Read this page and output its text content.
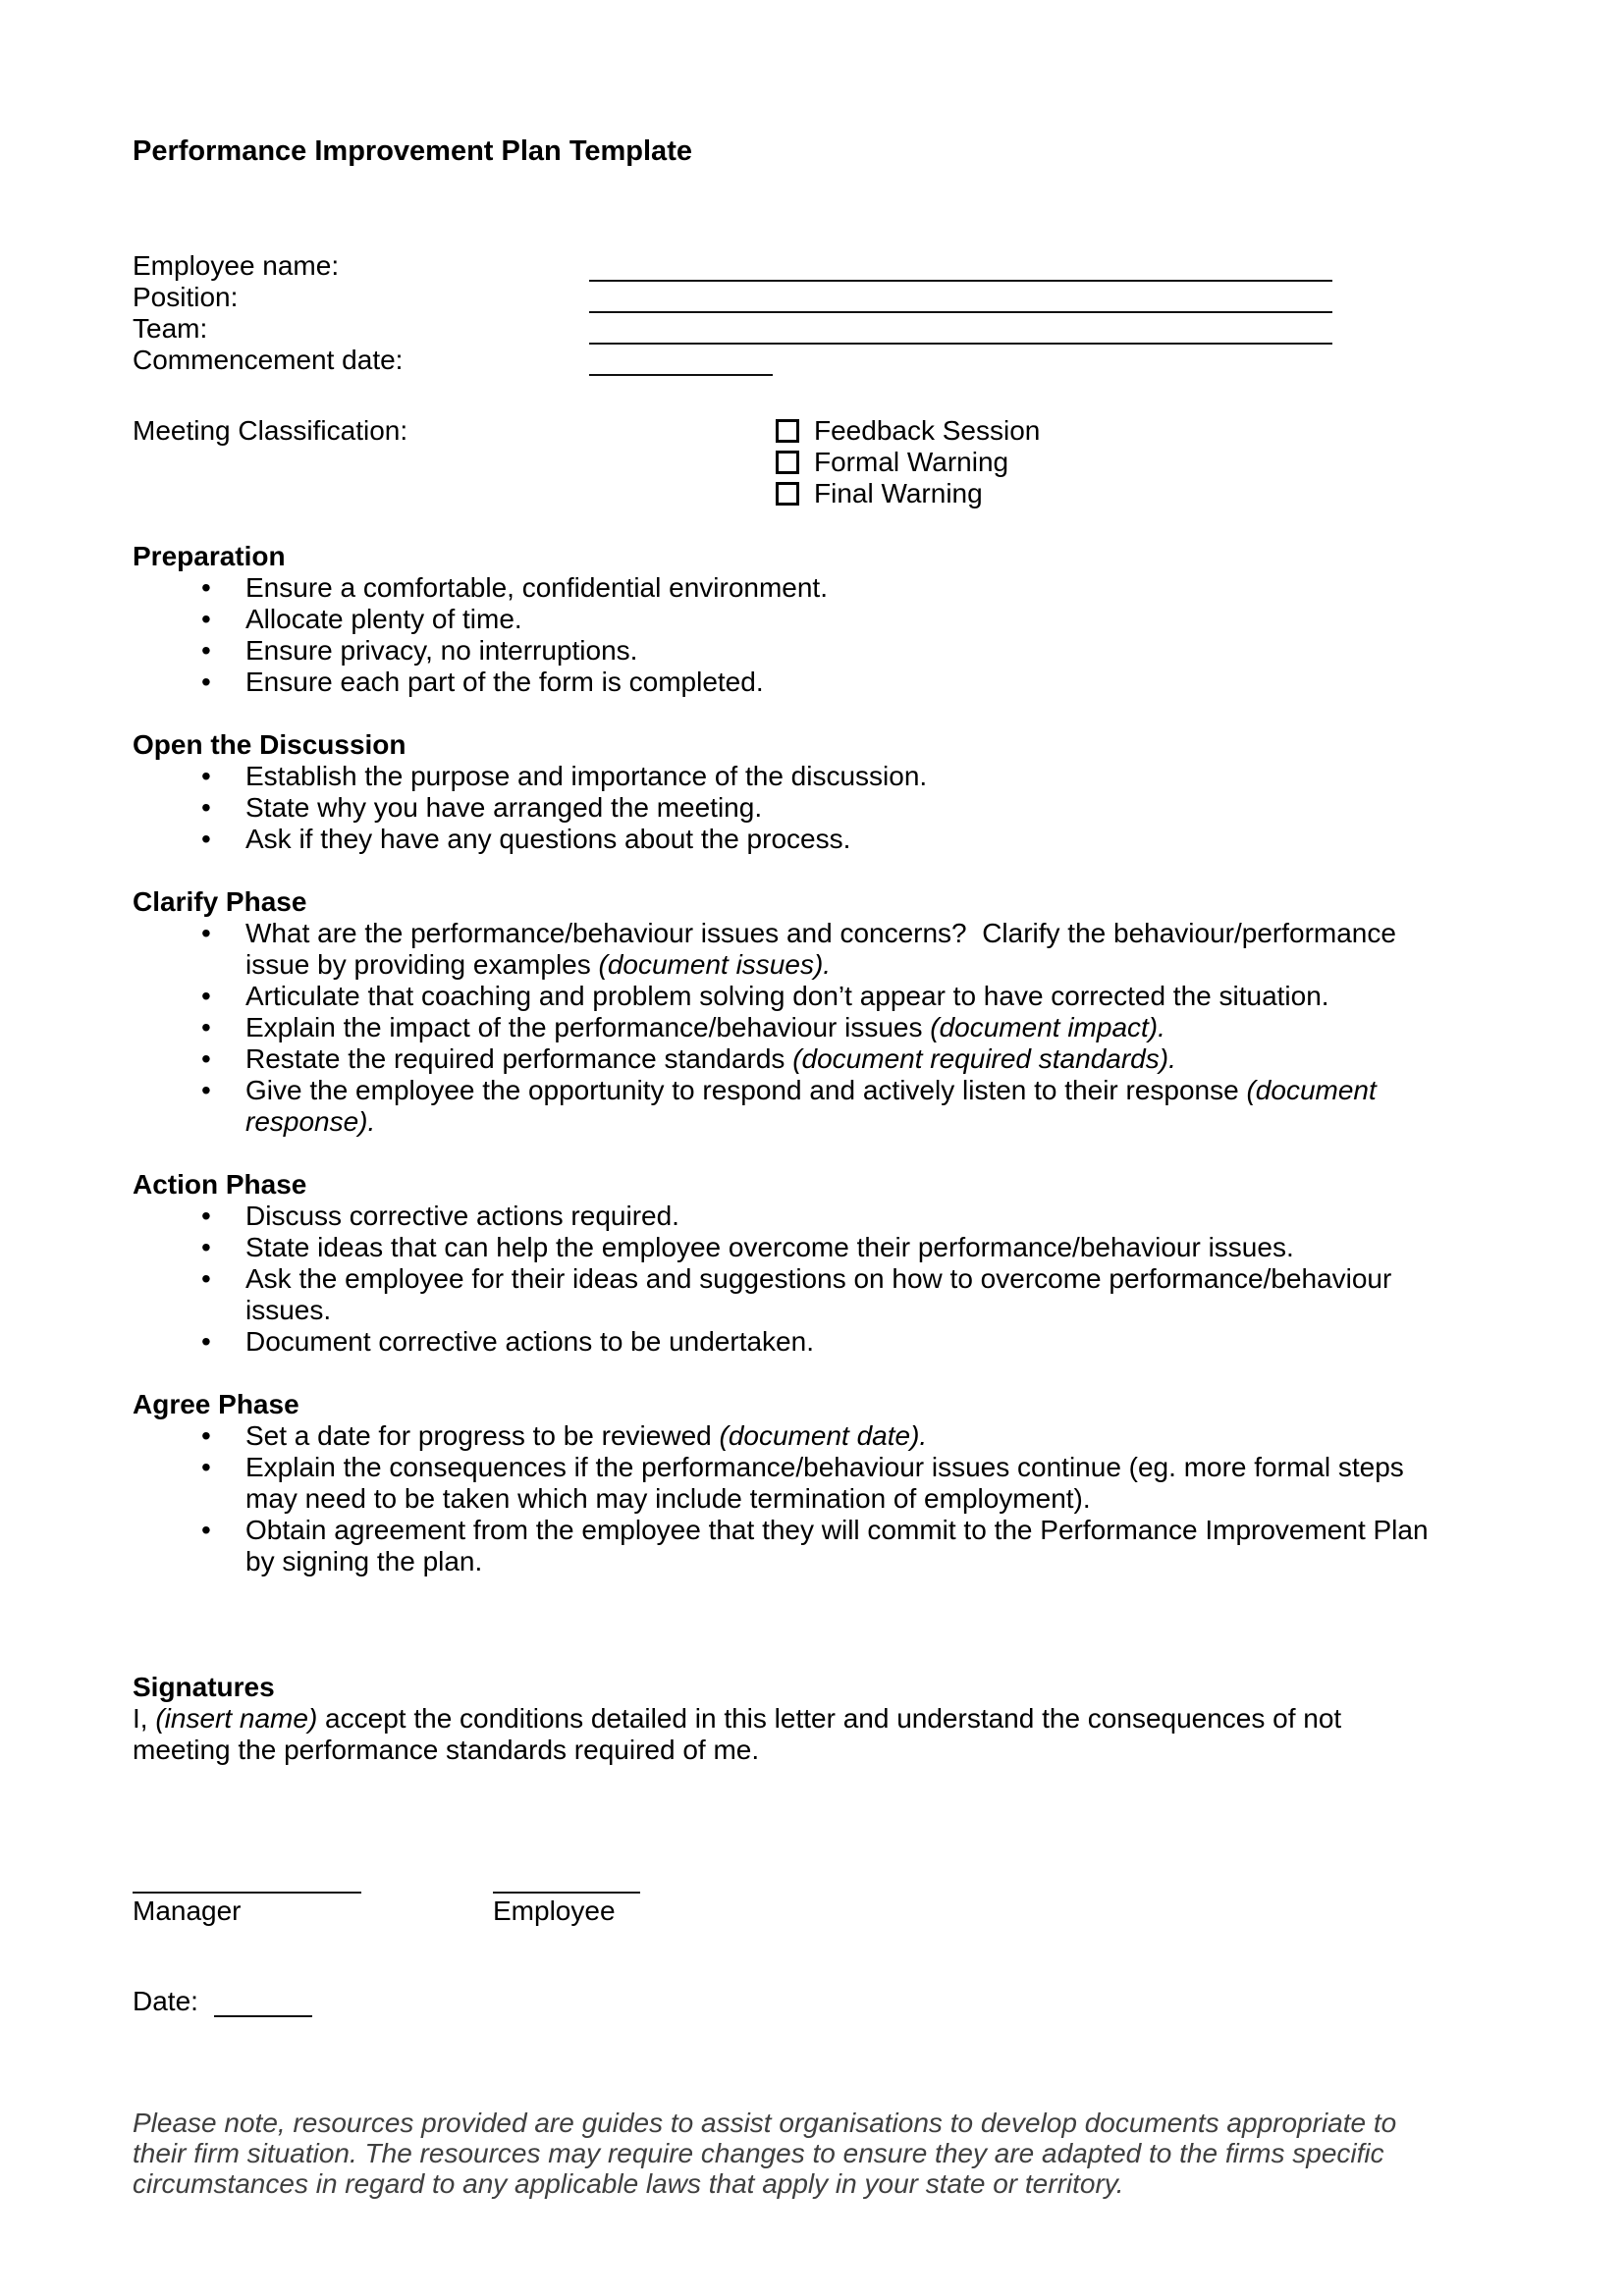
Performance Improvement Plan Template
Employee name:
Position:
Team:
Commencement date:
Meeting Classification:	Feedback Session
Formal Warning
Final Warning
Preparation
• Ensure a comfortable, confidential environment.
• Allocate plenty of time.
• Ensure privacy, no interruptions.
• Ensure each part of the form is completed.
Open the Discussion
• Establish the purpose and importance of the discussion.
• State why you have arranged the meeting.
• Ask if they have any questions about the process.
Clarify Phase
• What are the performance/behaviour issues and concerns?  Clarify the behaviour/performance issue by providing examples (document issues).
• Articulate that coaching and problem solving don’t appear to have corrected the situation.
• Explain the impact of the performance/behaviour issues (document impact).
• Restate the required performance standards (document required standards).
• Give the employee the opportunity to respond and actively listen to their response (document response).
Action Phase
• Discuss corrective actions required.
• State ideas that can help the employee overcome their performance/behaviour issues.
• Ask the employee for their ideas and suggestions on how to overcome performance/behaviour issues.
• Document corrective actions to be undertaken.
Agree Phase
• Set a date for progress to be reviewed (document date).
• Explain the consequences if the performance/behaviour issues continue (eg. more formal steps may need to be taken which may include termination of employment).
• Obtain agreement from the employee that they will commit to the Performance Improvement Plan by signing the plan.
Signatures

I, (insert name) accept the conditions detailed in this letter and understand the consequences of not meeting the performance standards required of me.

Manager	Employee
Date:

Please note, resources provided are guides to assist organisations to develop documents appropriate to their firm situation. The resources may require changes to ensure they are adapted to the firms specific circumstances in regard to any applicable laws that apply in your state or territory.
